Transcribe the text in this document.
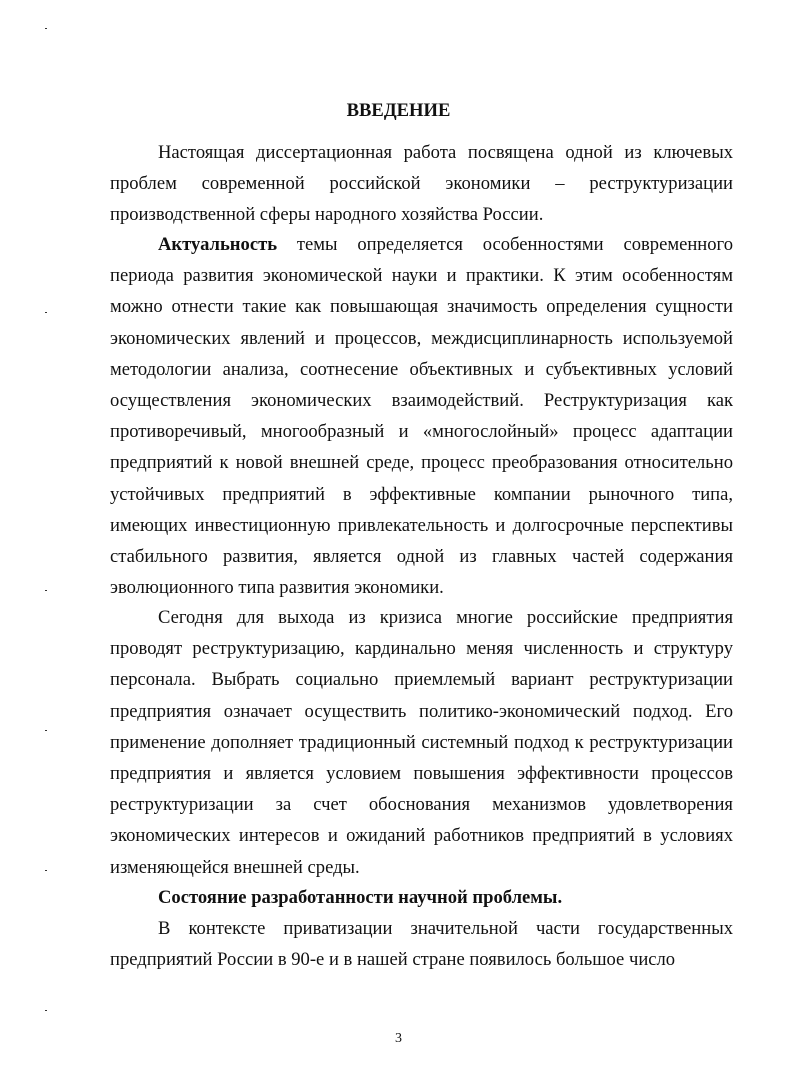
ВВЕДЕНИЕ

Настоящая диссертационная работа посвящена одной из ключевых проблем современной российской экономики – реструктуризации производственной сферы народного хозяйства России.

Актуальность темы определяется особенностями современного периода развития экономической науки и практики. К этим особенностям можно отнести такие как повышающая значимость определения сущности экономических явлений и процессов, междисциплинарность используемой методологии анализа, соотнесение объективных и субъективных условий осуществления экономических взаимодействий. Реструктуризация как противоречивый, многообразный и «многослойный» процесс адаптации предприятий к новой внешней среде, процесс преобразования относительно устойчивых предприятий в эффективные компании рыночного типа, имеющих инвестиционную привлекательность и долгосрочные перспективы стабильного развития, является одной из главных частей содержания эволюционного типа развития экономики.

Сегодня для выхода из кризиса многие российские предприятия проводят реструктуризацию, кардинально меняя численность и структуру персонала. Выбрать социально приемлемый вариант реструктуризации предприятия означает осуществить политико-экономический подход. Его применение дополняет традиционный системный подход к реструктуризации предприятия и является условием повышения эффективности процессов реструктуризации за счет обоснования механизмов удовлетворения экономических интересов и ожиданий работников предприятий в условиях изменяющейся внешней среды.

Состояние разработанности научной проблемы.

В контексте приватизации значительной части государственных предприятий России в 90-е и в нашей стране появилось большое число

3
